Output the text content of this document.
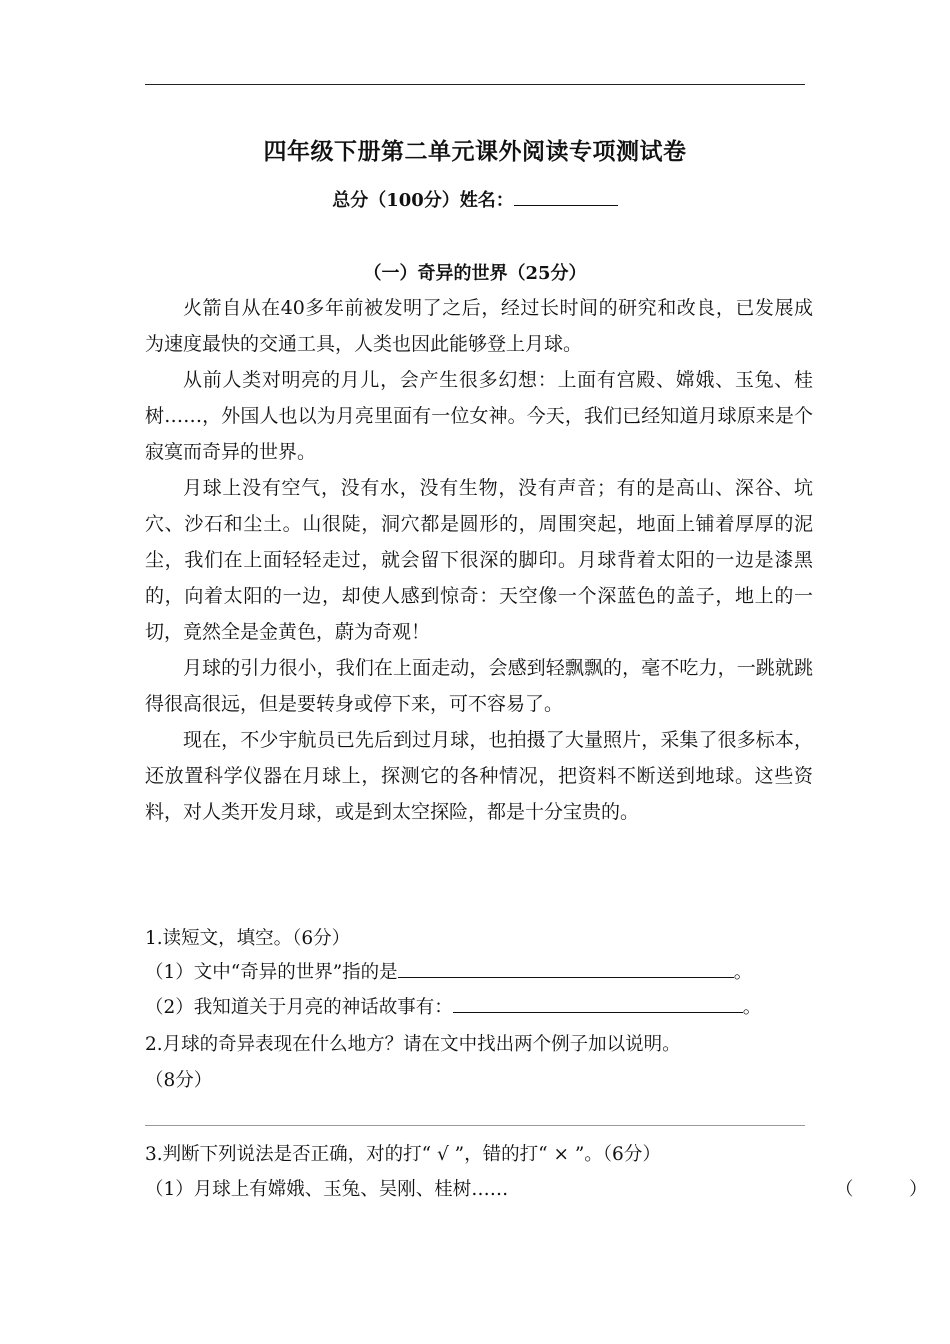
四年级下册第二单元课外阅读专项测试卷
总分（100分）姓名：
（一）奇异的世界（25分）

火箭自从在40多年前被发明了之后，经过长时间的研究和改良，已发展成为速度最快的交通工具，人类也因此能够登上月球。

从前人类对明亮的月儿，会产生很多幻想：上面有宫殿、嫦娥、玉兔、桂树……，外国人也以为月亮里面有一位女神。今天，我们已经知道月球原来是个寂寞而奇异的世界。

月球上没有空气，没有水，没有生物，没有声音；有的是高山、深谷、坑穴、沙石和尘土。山很陡，洞穴都是圆形的，周围突起，地面上铺着厚厚的泥尘，我们在上面轻轻走过，就会留下很深的脚印。月球背着太阳的一边是漆黑的，向着太阳的一边，却使人感到惊奇：天空像一个深蓝色的盖子，地上的一切，竟然全是金黄色，蔚为奇观！

月球的引力很小，我们在上面走动，会感到轻飘飘的，毫不吃力，一跳就跳得很高很远，但是要转身或停下来，可不容易了。

现在，不少宇航员已先后到过月球，也拍摄了大量照片，采集了很多标本，还放置科学仪器在月球上，探测它的各种情况，把资料不断送到地球。这些资料，对人类开发月球，或是到太空探险，都是十分宝贵的。

1.读短文，填空。（6分）
（1）文中“奇异的世界”指的是	。
（2）我知道关于月亮的神话故事有：	。
2.月球的奇异表现在什么地方？请在文中找出两个例子加以说明。
（8分）
3.判断下列说法是否正确，对的打“ √ ”，错的打“ × ”。（6分）
（1）月球上有嫦娥、玉兔、吴刚、桂树……	（　　　）
